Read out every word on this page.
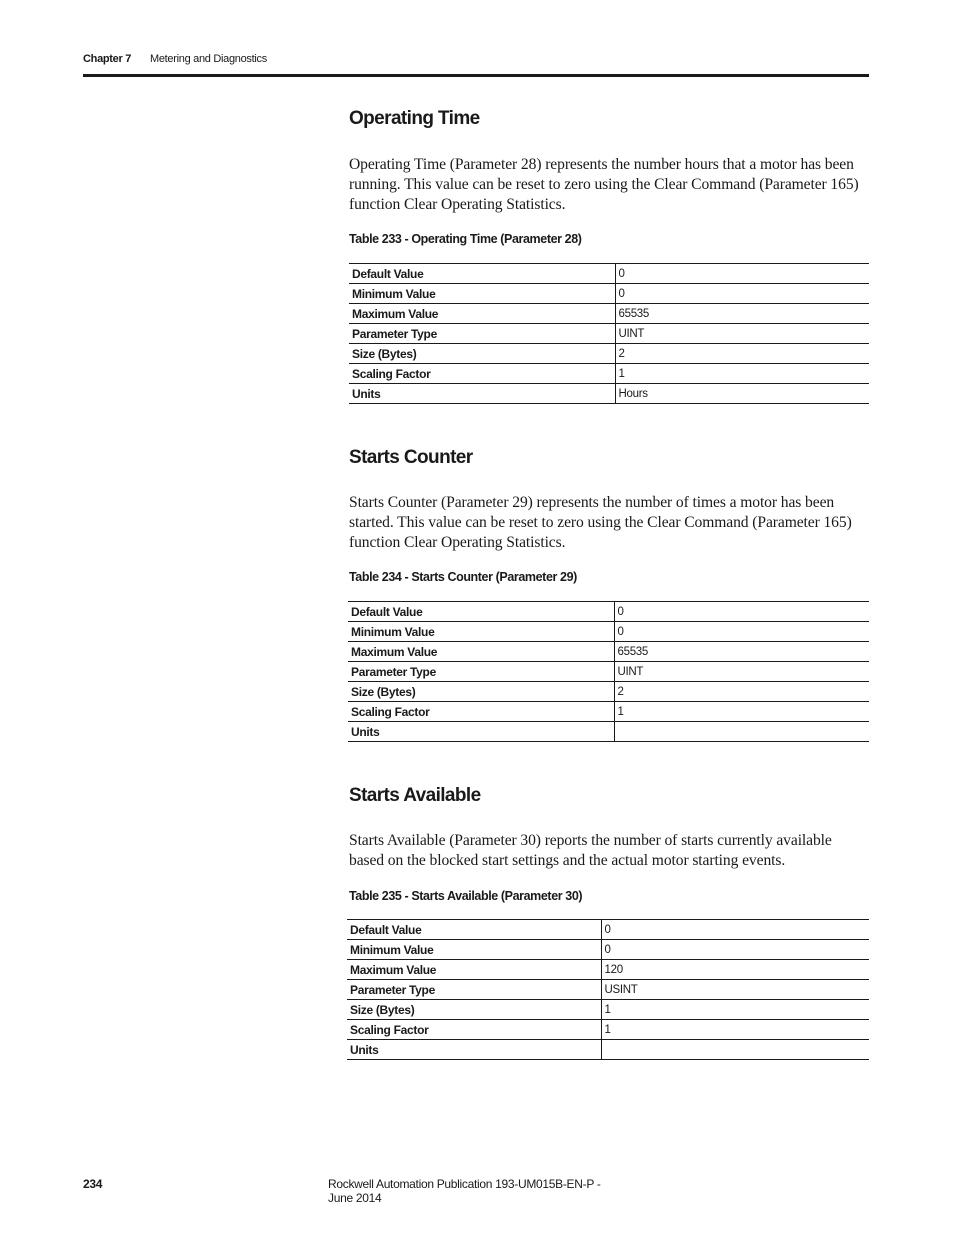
Chapter 7 Metering and Diagnostics
Operating Time

Operating Time (Parameter 28) represents the number hours that a motor has been running. This value can be reset to zero using the Clear Command (Parameter 165) function Clear Operating Statistics.

Table 233 - Operating Time (Parameter 28)
Default Value	0
Minimum Value	0
Maximum Value	65535
Parameter Type	UINT
Size (Bytes)	2
Scaling Factor	1
Units	Hours
Starts Counter

Starts Counter (Parameter 29) represents the number of times a motor has been started. This value can be reset to zero using the Clear Command (Parameter 165) function Clear Operating Statistics.

Table 234 - Starts Counter (Parameter 29)
Default Value	0
Minimum Value	0
Maximum Value	65535
Parameter Type	UINT
Size (Bytes)	2
Scaling Factor	1
Units	
Starts Available

Starts Available (Parameter 30) reports the number of starts currently available based on the blocked start settings and the actual motor starting events.

Table 235 - Starts Available (Parameter 30)
Default Value	0
Minimum Value	0
Maximum Value	120
Parameter Type	USINT
Size (Bytes)	1
Scaling Factor	1
Units	
234	Rockwell Automation Publication 193-UM015B-EN-P - June 2014
